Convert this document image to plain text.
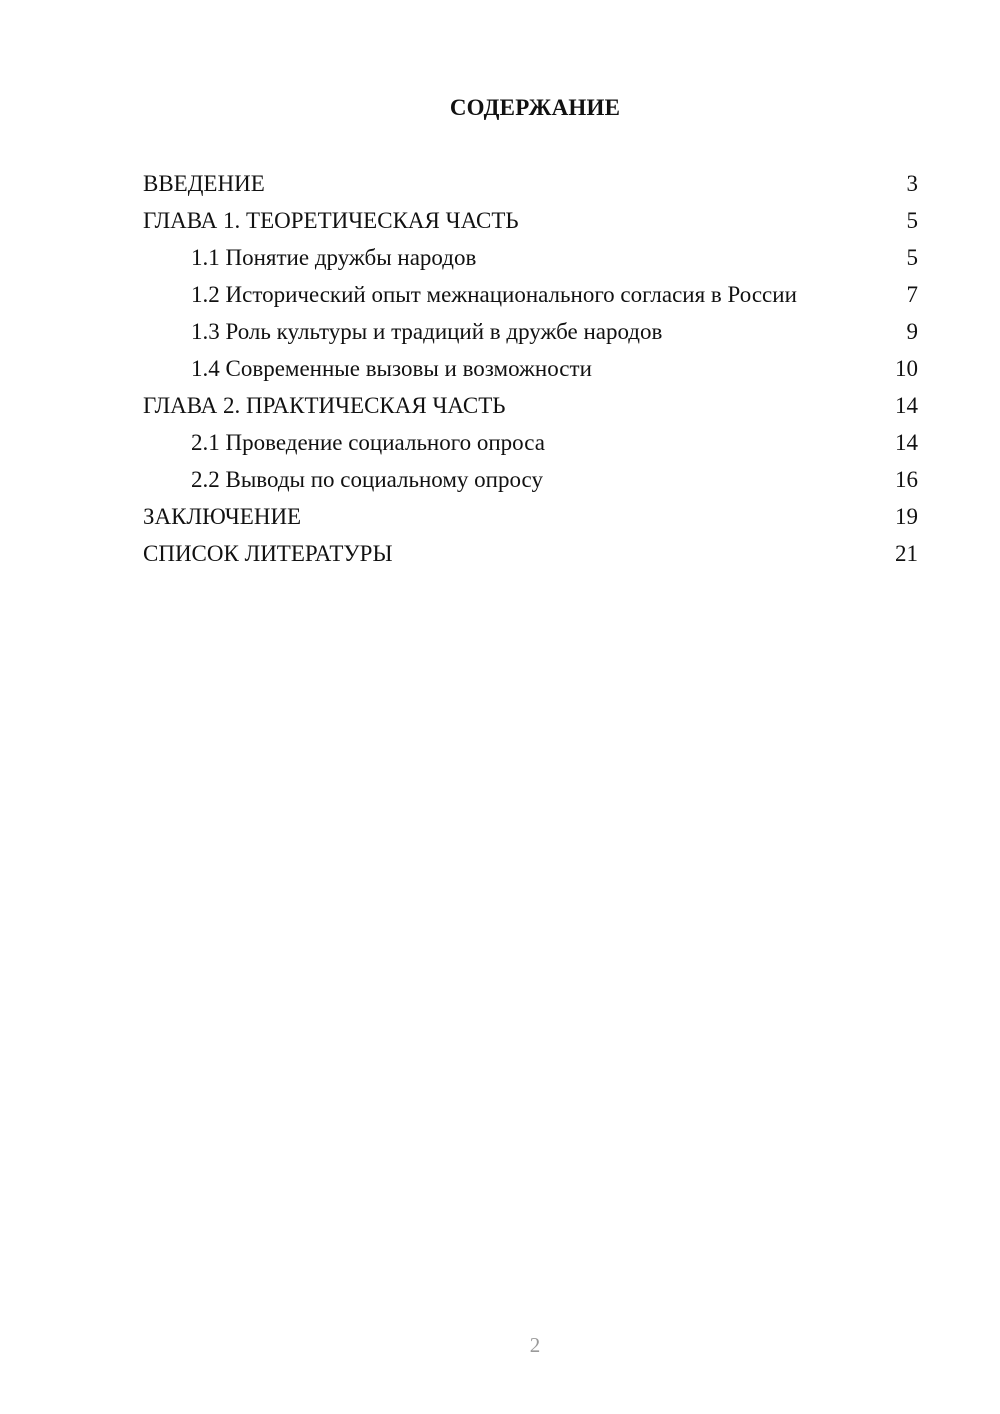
СОДЕРЖАНИЕ
ВВЕДЕНИЕ	3
ГЛАВА 1. ТЕОРЕТИЧЕСКАЯ ЧАСТЬ	5
1.1 Понятие дружбы народов	5
1.2 Исторический опыт межнационального согласия в России	7
1.3 Роль культуры и традиций в дружбе народов	9
1.4 Современные вызовы и возможности	10
ГЛАВА 2. ПРАКТИЧЕСКАЯ ЧАСТЬ	14
2.1 Проведение социального опроса	14
2.2 Выводы по социальному опросу	16
ЗАКЛЮЧЕНИЕ	19
СПИСОК ЛИТЕРАТУРЫ	21
2
